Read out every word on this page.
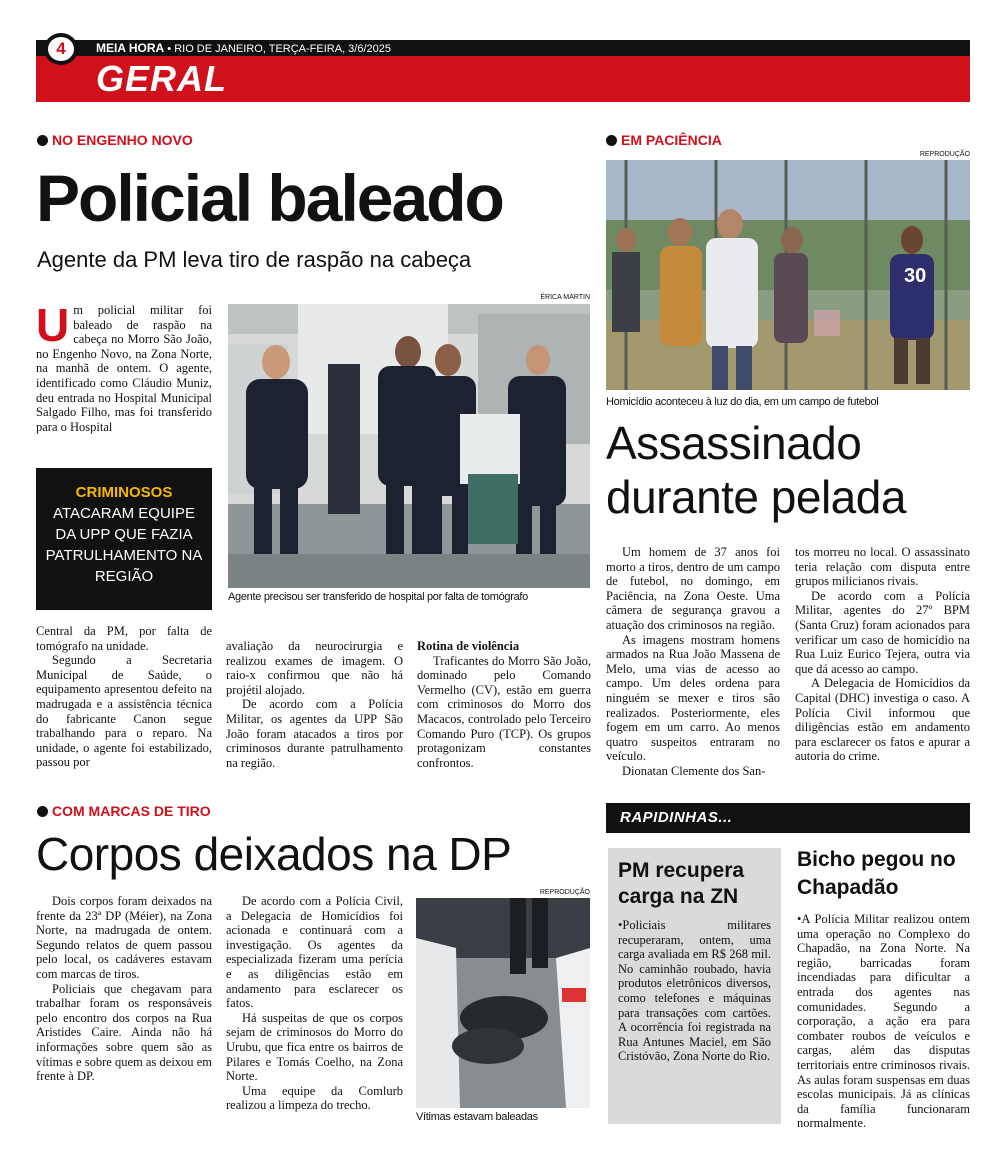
4	MEIA HORA • RIO DE JANEIRO, TERÇA-FEIRA, 3/6/2025
GERAL
NO ENGENHO NOVO
Policial baleado
Agente da PM leva tiro de raspão na cabeça
Um policial militar foi baleado de raspão na cabeça no Morro São João, no Engenho Novo, na Zona Norte, na manhã de ontem. O agente, identificado como Cláudio Muniz, deu entrada no Hospital Municipal Salgado Filho, mas foi transferido para o Hospital
CRIMINOSOS
ATACARAM EQUIPE DA UPP QUE FAZIA PATRULHAMENTO NA REGIÃO
ÉRICA MARTIN
Agente precisou ser transferido de hospital por falta de tomógrafo

Central da PM, por falta de tomógrafo na unidade.

Segundo a Secretaria Municipal de Saúde, o equipamento apresentou defeito na madrugada e a assistência técnica do fabricante Canon segue trabalhando para o reparo. Na unidade, o agente foi estabilizado, passou por

avaliação da neurocirurgia e realizou exames de imagem. O raio-x confirmou que não há projétil alojado.

De acordo com a Polícia Militar, os agentes da UPP São João foram atacados a tiros por criminosos durante patrulhamento na região.

Rotina de violência

Traficantes do Morro São João, dominado pelo Comando Vermelho (CV), estão em guerra com criminosos do Morro dos Macacos, controlado pelo Terceiro Comando Puro (TCP). Os grupos protagonizam constantes confrontos.

EM PACIÊNCIA
REPRODUÇÃO
30
Homicídio aconteceu à luz do dia, em um campo de futebol
Assassinado durante pelada

Um homem de 37 anos foi morto a tiros, dentro de um campo de futebol, no domingo, em Paciência, na Zona Oeste. Uma câmera de segurança gravou a atuação dos criminosos na região.

As imagens mostram homens armados na Rua João Massena de Melo, uma vias de acesso ao campo. Um deles ordena para ninguém se mexer e tiros são realizados. Posteriormente, eles fogem em um carro. Ao menos quatro suspeitos entraram no veículo.

Dionatan Clemente dos San-

tos morreu no local. O assassinato teria relação com disputa entre grupos milicianos rivais.

De acordo com a Polícia Militar, agentes do 27º BPM (Santa Cruz) foram acionados para verificar um caso de homicídio na Rua Luiz Eurico Tejera, outra via que dá acesso ao campo.

A Delegacia de Homicídios da Capital (DHC) investiga o caso. A Polícia Civil informou que diligências estão em andamento para esclarecer os fatos e apurar a autoria do crime.

COM MARCAS DE TIRO
Corpos deixados na DP

Dois corpos foram deixados na frente da 23ª DP (Méier), na Zona Norte, na madrugada de ontem. Segundo relatos de quem passou pelo local, os cadáveres estavam com marcas de tiros.

Policiais que chegavam para trabalhar foram os responsáveis pelo encontro dos corpos na Rua Aristides Caire. Ainda não há informações sobre quem são as vítimas e sobre quem as deixou em frente à DP.

De acordo com a Polícia Civil, a Delegacia de Homicídios foi acionada e continuará com a investigação. Os agentes da especializada fizeram uma perícia e as diligências estão em andamento para esclarecer os fatos.

Há suspeitas de que os corpos sejam de criminosos do Morro do Urubu, que fica entre os bairros de Pilares e Tomás Coelho, na Zona Norte.

Uma equipe da Comlurb realizou a limpeza do trecho.

REPRODUÇÃO
Vítimas estavam baleadas
RAPIDINHAS...
PM recupera carga na ZN
•Policiais militares recuperaram, ontem, uma carga avaliada em R$ 268 mil. No caminhão roubado, havia produtos eletrônicos diversos, como telefones e máquinas para transações com cartões. A ocorrência foi registrada na Rua Antunes Maciel, em São Cristóvão, Zona Norte do Rio.
Bicho pegou no Chapadão
•A Polícia Militar realizou ontem uma operação no Complexo do Chapadão, na Zona Norte. Na região, barricadas foram incendiadas para dificultar a entrada dos agentes nas comunidades. Segundo a corporação, a ação era para combater roubos de veículos e cargas, além das disputas territoriais entre criminosos rivais. As aulas foram suspensas em duas escolas municipais. Já as clínicas da família funcionaram normalmente.
